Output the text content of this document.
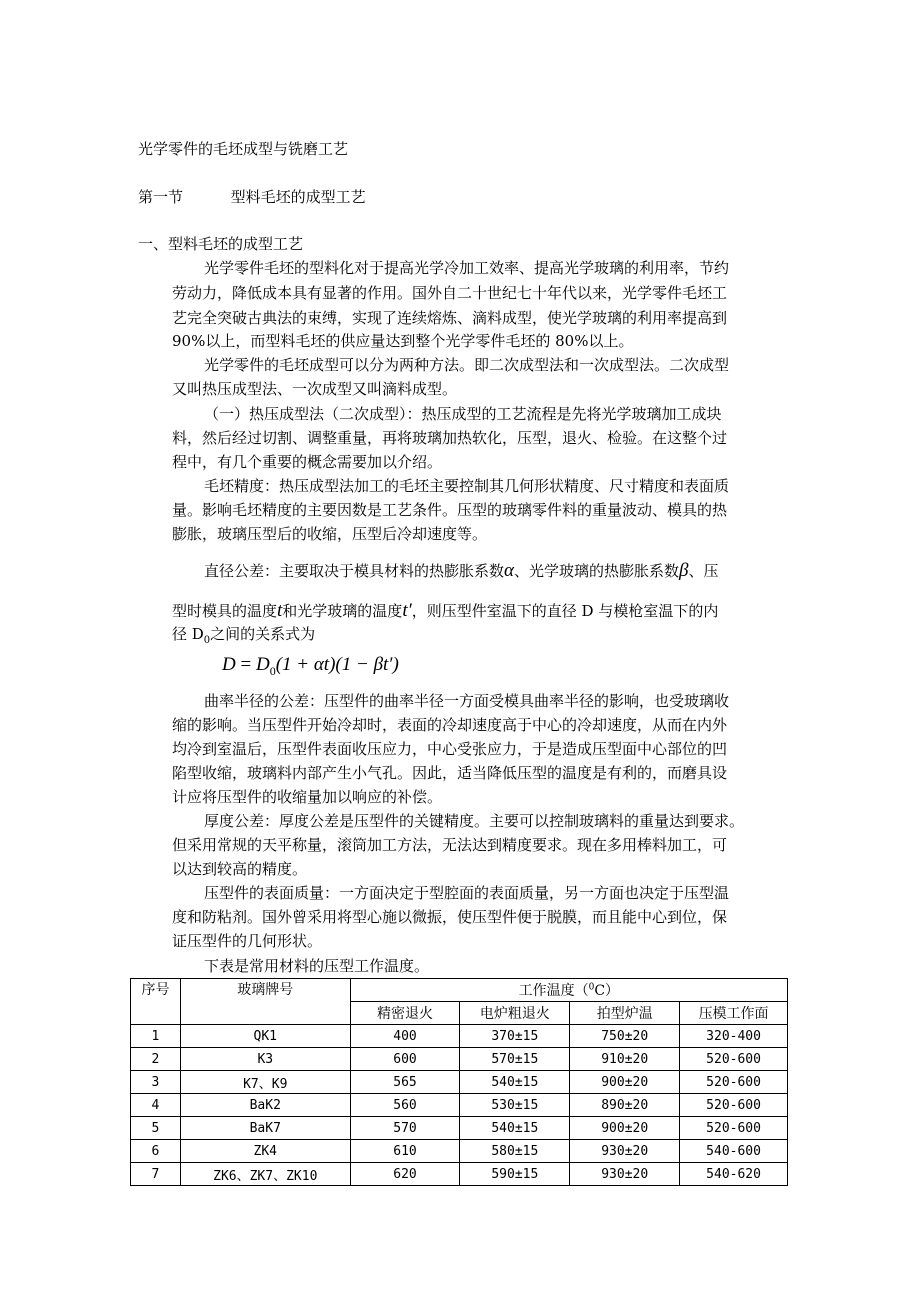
光学零件的毛坯成型与铣磨工艺
第一节	型料毛坯的成型工艺
一、型料毛坯的成型工艺
光学零件毛坯的型料化对于提高光学冷加工效率、提高光学玻璃的利用率，节约
劳动力，降低成本具有显著的作用。国外自二十世纪七十年代以来，光学零件毛坯工
艺完全突破古典法的束缚，实现了连续熔炼、滴料成型，使光学玻璃的利用率提高到
90%以上，而型料毛坯的供应量达到整个光学零件毛坯的 80%以上。
光学零件的毛坯成型可以分为两种方法。即二次成型法和一次成型法。二次成型
又叫热压成型法、一次成型又叫滴料成型。
（一）热压成型法（二次成型）：热压成型的工艺流程是先将光学玻璃加工成块
料，然后经过切割、调整重量，再将玻璃加热软化，压型，退火、检验。在这整个过
程中，有几个重要的概念需要加以介绍。
毛坯精度：热压成型法加工的毛坯主要控制其几何形状精度、尺寸精度和表面质
量。影响毛坯精度的主要因数是工艺条件。压型的玻璃零件料的重量波动、模具的热
膨胀，玻璃压型后的收缩，压型后冷却速度等。
直径公差：主要取决于模具材料的热膨胀系数α、光学玻璃的热膨胀系数β、压
型时模具的温度t和光学玻璃的温度t′，则压型件室温下的直径 D 与模枪室温下的内
径 $D_0$之间的关系式为
$D = D_0(1 + \alpha t)(1 - \beta t')$
曲率半径的公差：压型件的曲率半径一方面受模具曲率半径的影响，也受玻璃收
缩的影响。当压型件开始冷却时，表面的冷却速度高于中心的冷却速度，从而在内外
均冷到室温后，压型件表面收压应力，中心受张应力，于是造成压型面中心部位的凹
陷型收缩，玻璃料内部产生小气孔。因此，适当降低压型的温度是有利的，而磨具设
计应将压型件的收缩量加以响应的补偿。
厚度公差：厚度公差是压型件的关键精度。主要可以控制玻璃料的重量达到要求。
但采用常规的天平称量，滚筒加工方法，无法达到精度要求。现在多用棒料加工，可
以达到较高的精度。
压型件的表面质量：一方面决定于型腔面的表面质量，另一方面也决定于压型温
度和防粘剂。国外曾采用将型心施以微振，使压型件便于脱膜，而且能中心到位，保
证压型件的几何形状。
下表是常用材料的压型工作温度。
序号	玻璃牌号	工作温度（$^0$C）			
		精密退火	电炉粗退火	拍型炉温	压模工作面
1	QK1	400	370±15	750±20	320-400
2	K3	600	570±15	910±20	520-600
3	K7、K9	565	540±15	900±20	520-600
4	BaK2	560	530±15	890±20	520-600
5	BaK7	570	540±15	900±20	520-600
6	ZK4	610	580±15	930±20	540-600
7	ZK6、ZK7、ZK10	620	590±15	930±20	540-620
